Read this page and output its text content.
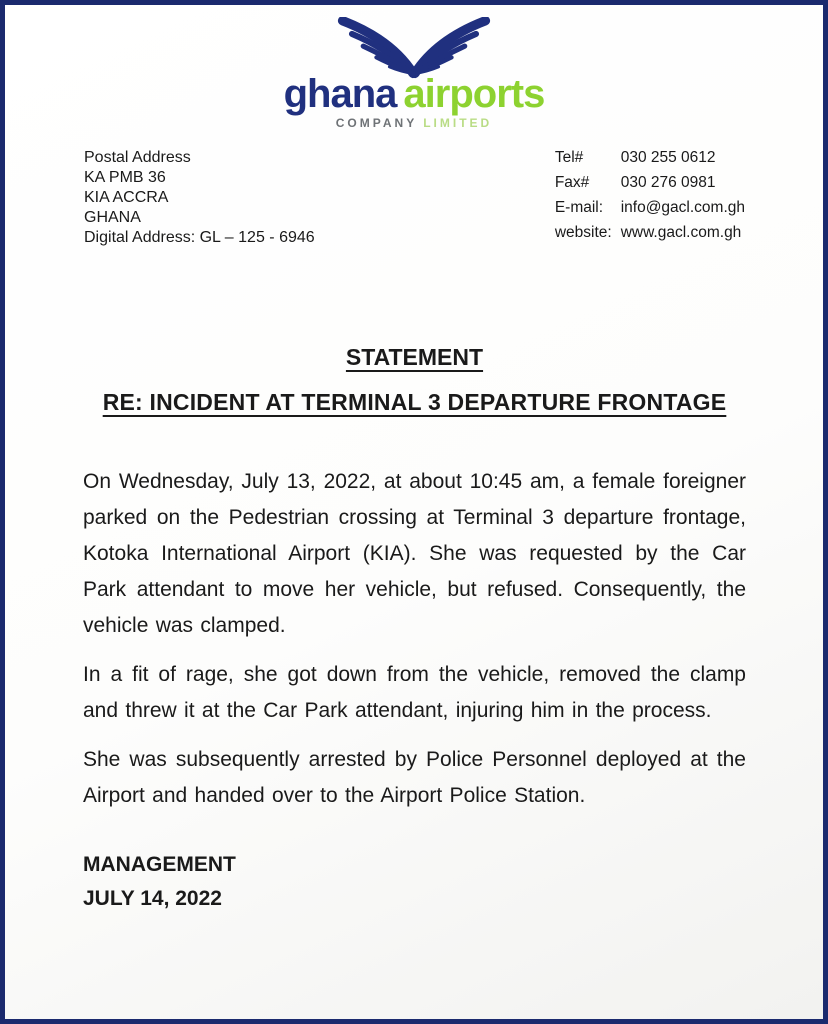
ghana airports
COMPANY LIMITED
Postal Address
KA PMB 36
KIA ACCRA
GHANA
Digital Address: GL – 125 - 6946
Tel#	030 255 0612
Fax#	030 276 0981
E-mail:	info@gacl.com.gh
website:	www.gacl.com.gh
STATEMENT
RE: INCIDENT AT TERMINAL 3 DEPARTURE FRONTAGE

On Wednesday, July 13, 2022, at about 10:45 am, a female foreigner parked on the Pedestrian crossing at Terminal 3 departure frontage, Kotoka International Airport (KIA). She was requested by the Car Park attendant to move her vehicle, but refused. Consequently, the vehicle was clamped.

In a fit of rage, she got down from the vehicle, removed the clamp and threw it at the Car Park attendant, injuring him in the process.

She was subsequently arrested by Police Personnel deployed at the Airport and handed over to the Airport Police Station.

MANAGEMENT
JULY 14, 2022
